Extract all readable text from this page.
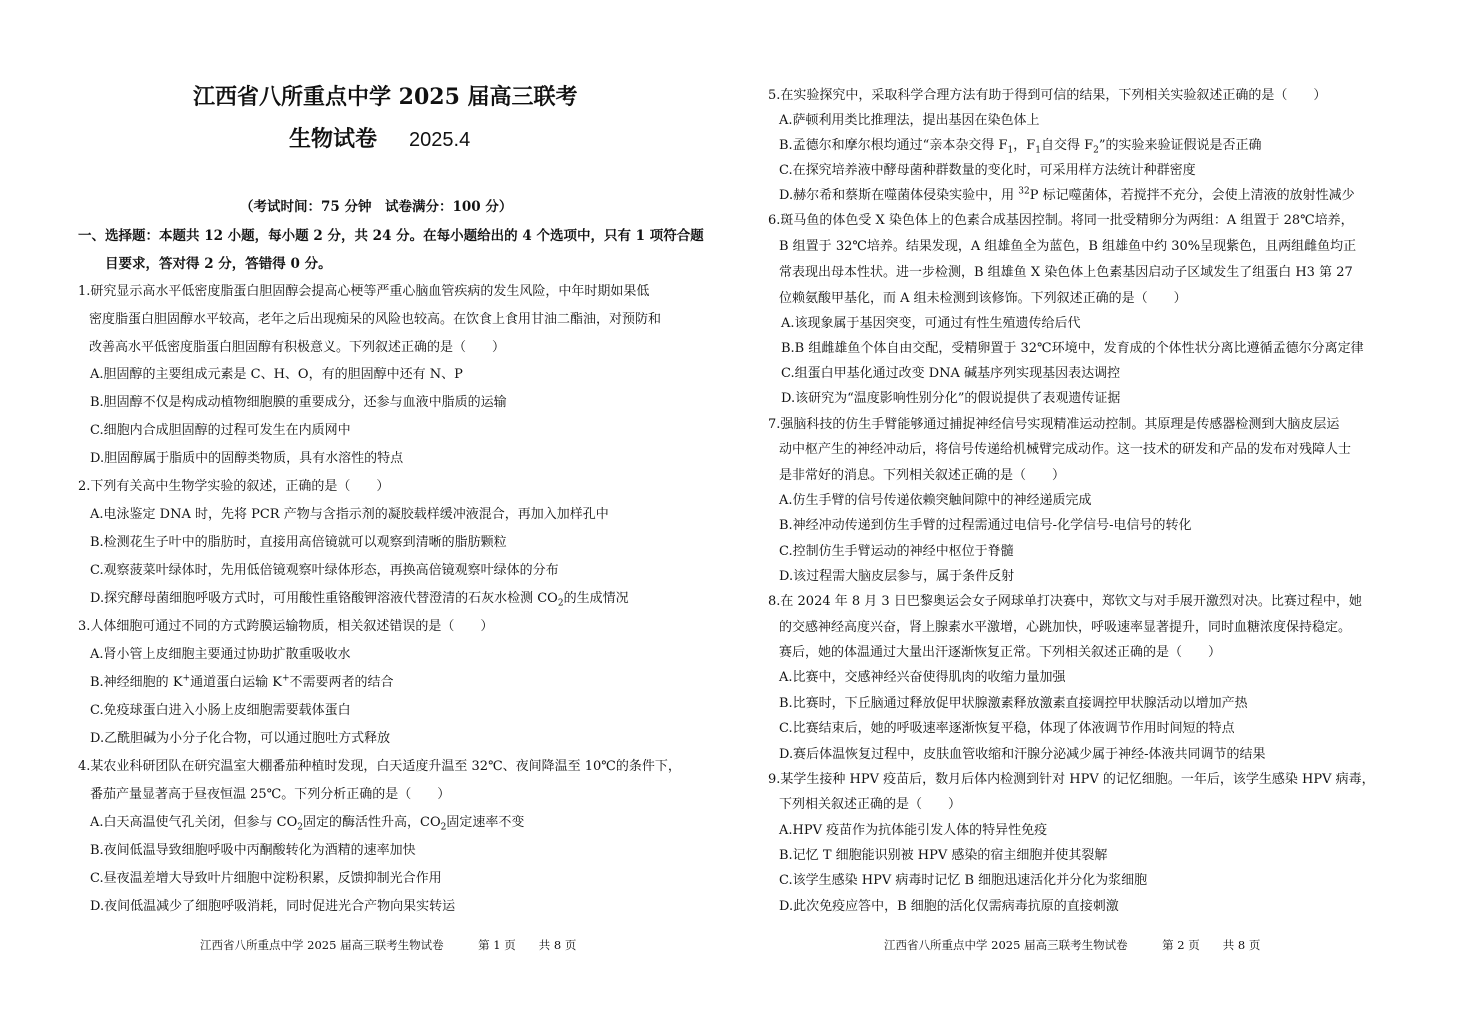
江西省八所重点中学 2025 届高三联考
生物试卷 2025.4
（考试时间：75 分钟　试卷满分：100 分）
一、选择题：本题共 12 小题，每小题 2 分，共 24 分。在每小题给出的 4 个选项中，只有 1 项符合题
目要求，答对得 2 分，答错得 0 分。
1.研究显示高水平低密度脂蛋白胆固醇会提高心梗等严重心脑血管疾病的发生风险，中年时期如果低
密度脂蛋白胆固醇水平较高，老年之后出现痴呆的风险也较高。在饮食上食用甘油二酯油，对预防和
改善高水平低密度脂蛋白胆固醇有积极意义。下列叙述正确的是（　　）
A.胆固醇的主要组成元素是 C、H、O，有的胆固醇中还有 N、P
B.胆固醇不仅是构成动植物细胞膜的重要成分，还参与血液中脂质的运输
C.细胞内合成胆固醇的过程可发生在内质网中
D.胆固醇属于脂质中的固醇类物质，具有水溶性的特点
2.下列有关高中生物学实验的叙述，正确的是（　　）
A.电泳鉴定 DNA 时，先将 PCR 产物与含指示剂的凝胶载样缓冲液混合，再加入加样孔中
B.检测花生子叶中的脂肪时，直接用高倍镜就可以观察到清晰的脂肪颗粒
C.观察菠菜叶绿体时，先用低倍镜观察叶绿体形态，再换高倍镜观察叶绿体的分布
D.探究酵母菌细胞呼吸方式时，可用酸性重铬酸钾溶液代替澄清的石灰水检测 $CO_2$的生成情况
3.人体细胞可通过不同的方式跨膜运输物质，相关叙述错误的是（　　）
A.肾小管上皮细胞主要通过协助扩散重吸收水
B.神经细胞的 K+通道蛋白运输 K+不需要两者的结合
C.免疫球蛋白进入小肠上皮细胞需要载体蛋白
D.乙酰胆碱为小分子化合物，可以通过胞吐方式释放
4.某农业科研团队在研究温室大棚番茄种植时发现，白天适度升温至 32℃、夜间降温至 10℃的条件下，
番茄产量显著高于昼夜恒温 25℃。下列分析正确的是（　　）
A.白天高温使气孔关闭，但参与 $CO_2$固定的酶活性升高，$CO_2$固定速率不变
B.夜间低温导致细胞呼吸中丙酮酸转化为酒精的速率加快
C.昼夜温差增大导致叶片细胞中淀粉积累，反馈抑制光合作用
D.夜间低温减少了细胞呼吸消耗，同时促进光合产物向果实转运
江西省八所重点中学 2025 届高三联考生物试卷　　　第 1 页　　共 8 页
5.在实验探究中，采取科学合理方法有助于得到可信的结果，下列相关实验叙述正确的是（　　）
A.萨顿利用类比推理法，提出基因在染色体上
B.孟德尔和摩尔根均通过“亲本杂交得 $F_1$，$F_1$自交得 $F_2$”的实验来验证假说是否正确
C.在探究培养液中酵母菌种群数量的变化时，可采用样方法统计种群密度
D.赫尔希和蔡斯在噬菌体侵染实验中，用 $^{32}$P 标记噬菌体，若搅拌不充分，会使上清液的放射性减少
6.斑马鱼的体色受 X 染色体上的色素合成基因控制。将同一批受精卵分为两组：A 组置于 28℃培养，
B 组置于 32℃培养。结果发现，A 组雄鱼全为蓝色，B 组雄鱼中约 30%呈现紫色，且两组雌鱼均正
常表现出母本性状。进一步检测，B 组雄鱼 X 染色体上色素基因启动子区域发生了组蛋白 H3 第 27
位赖氨酸甲基化，而 A 组未检测到该修饰。下列叙述正确的是（　　）
A.该现象属于基因突变，可通过有性生殖遗传给后代
B.B 组雌雄鱼个体自由交配，受精卵置于 32℃环境中，发育成的个体性状分离比遵循孟德尔分离定律
C.组蛋白甲基化通过改变 DNA 碱基序列实现基因表达调控
D.该研究为“温度影响性别分化”的假说提供了表观遗传证据
7.强脑科技的仿生手臂能够通过捕捉神经信号实现精准运动控制。其原理是传感器检测到大脑皮层运
动中枢产生的神经冲动后，将信号传递给机械臂完成动作。这一技术的研发和产品的发布对残障人士
是非常好的消息。下列相关叙述正确的是（　　）
A.仿生手臂的信号传递依赖突触间隙中的神经递质完成
B.神经冲动传递到仿生手臂的过程需通过电信号-化学信号-电信号的转化
C.控制仿生手臂运动的神经中枢位于脊髓
D.该过程需大脑皮层参与，属于条件反射
8.在 2024 年 8 月 3 日巴黎奥运会女子网球单打决赛中，郑钦文与对手展开激烈对决。比赛过程中，她
的交感神经高度兴奋，肾上腺素水平激增，心跳加快，呼吸速率显著提升，同时血糖浓度保持稳定。
赛后，她的体温通过大量出汗逐渐恢复正常。下列相关叙述正确的是（　　）
A.比赛中，交感神经兴奋使得肌肉的收缩力量加强
B.比赛时，下丘脑通过释放促甲状腺激素释放激素直接调控甲状腺活动以增加产热
C.比赛结束后，她的呼吸速率逐渐恢复平稳，体现了体液调节作用时间短的特点
D.赛后体温恢复过程中，皮肤血管收缩和汗腺分泌减少属于神经-体液共同调节的结果
9.某学生接种 HPV 疫苗后，数月后体内检测到针对 HPV 的记忆细胞。一年后，该学生感染 HPV 病毒，
下列相关叙述正确的是（　　）
A.HPV 疫苗作为抗体能引发人体的特异性免疫
B.记忆 T 细胞能识别被 HPV 感染的宿主细胞并使其裂解
C.该学生感染 HPV 病毒时记忆 B 细胞迅速活化并分化为浆细胞
D.此次免疫应答中，B 细胞的活化仅需病毒抗原的直接刺激
江西省八所重点中学 2025 届高三联考生物试卷　　　第 2 页　　共 8 页
